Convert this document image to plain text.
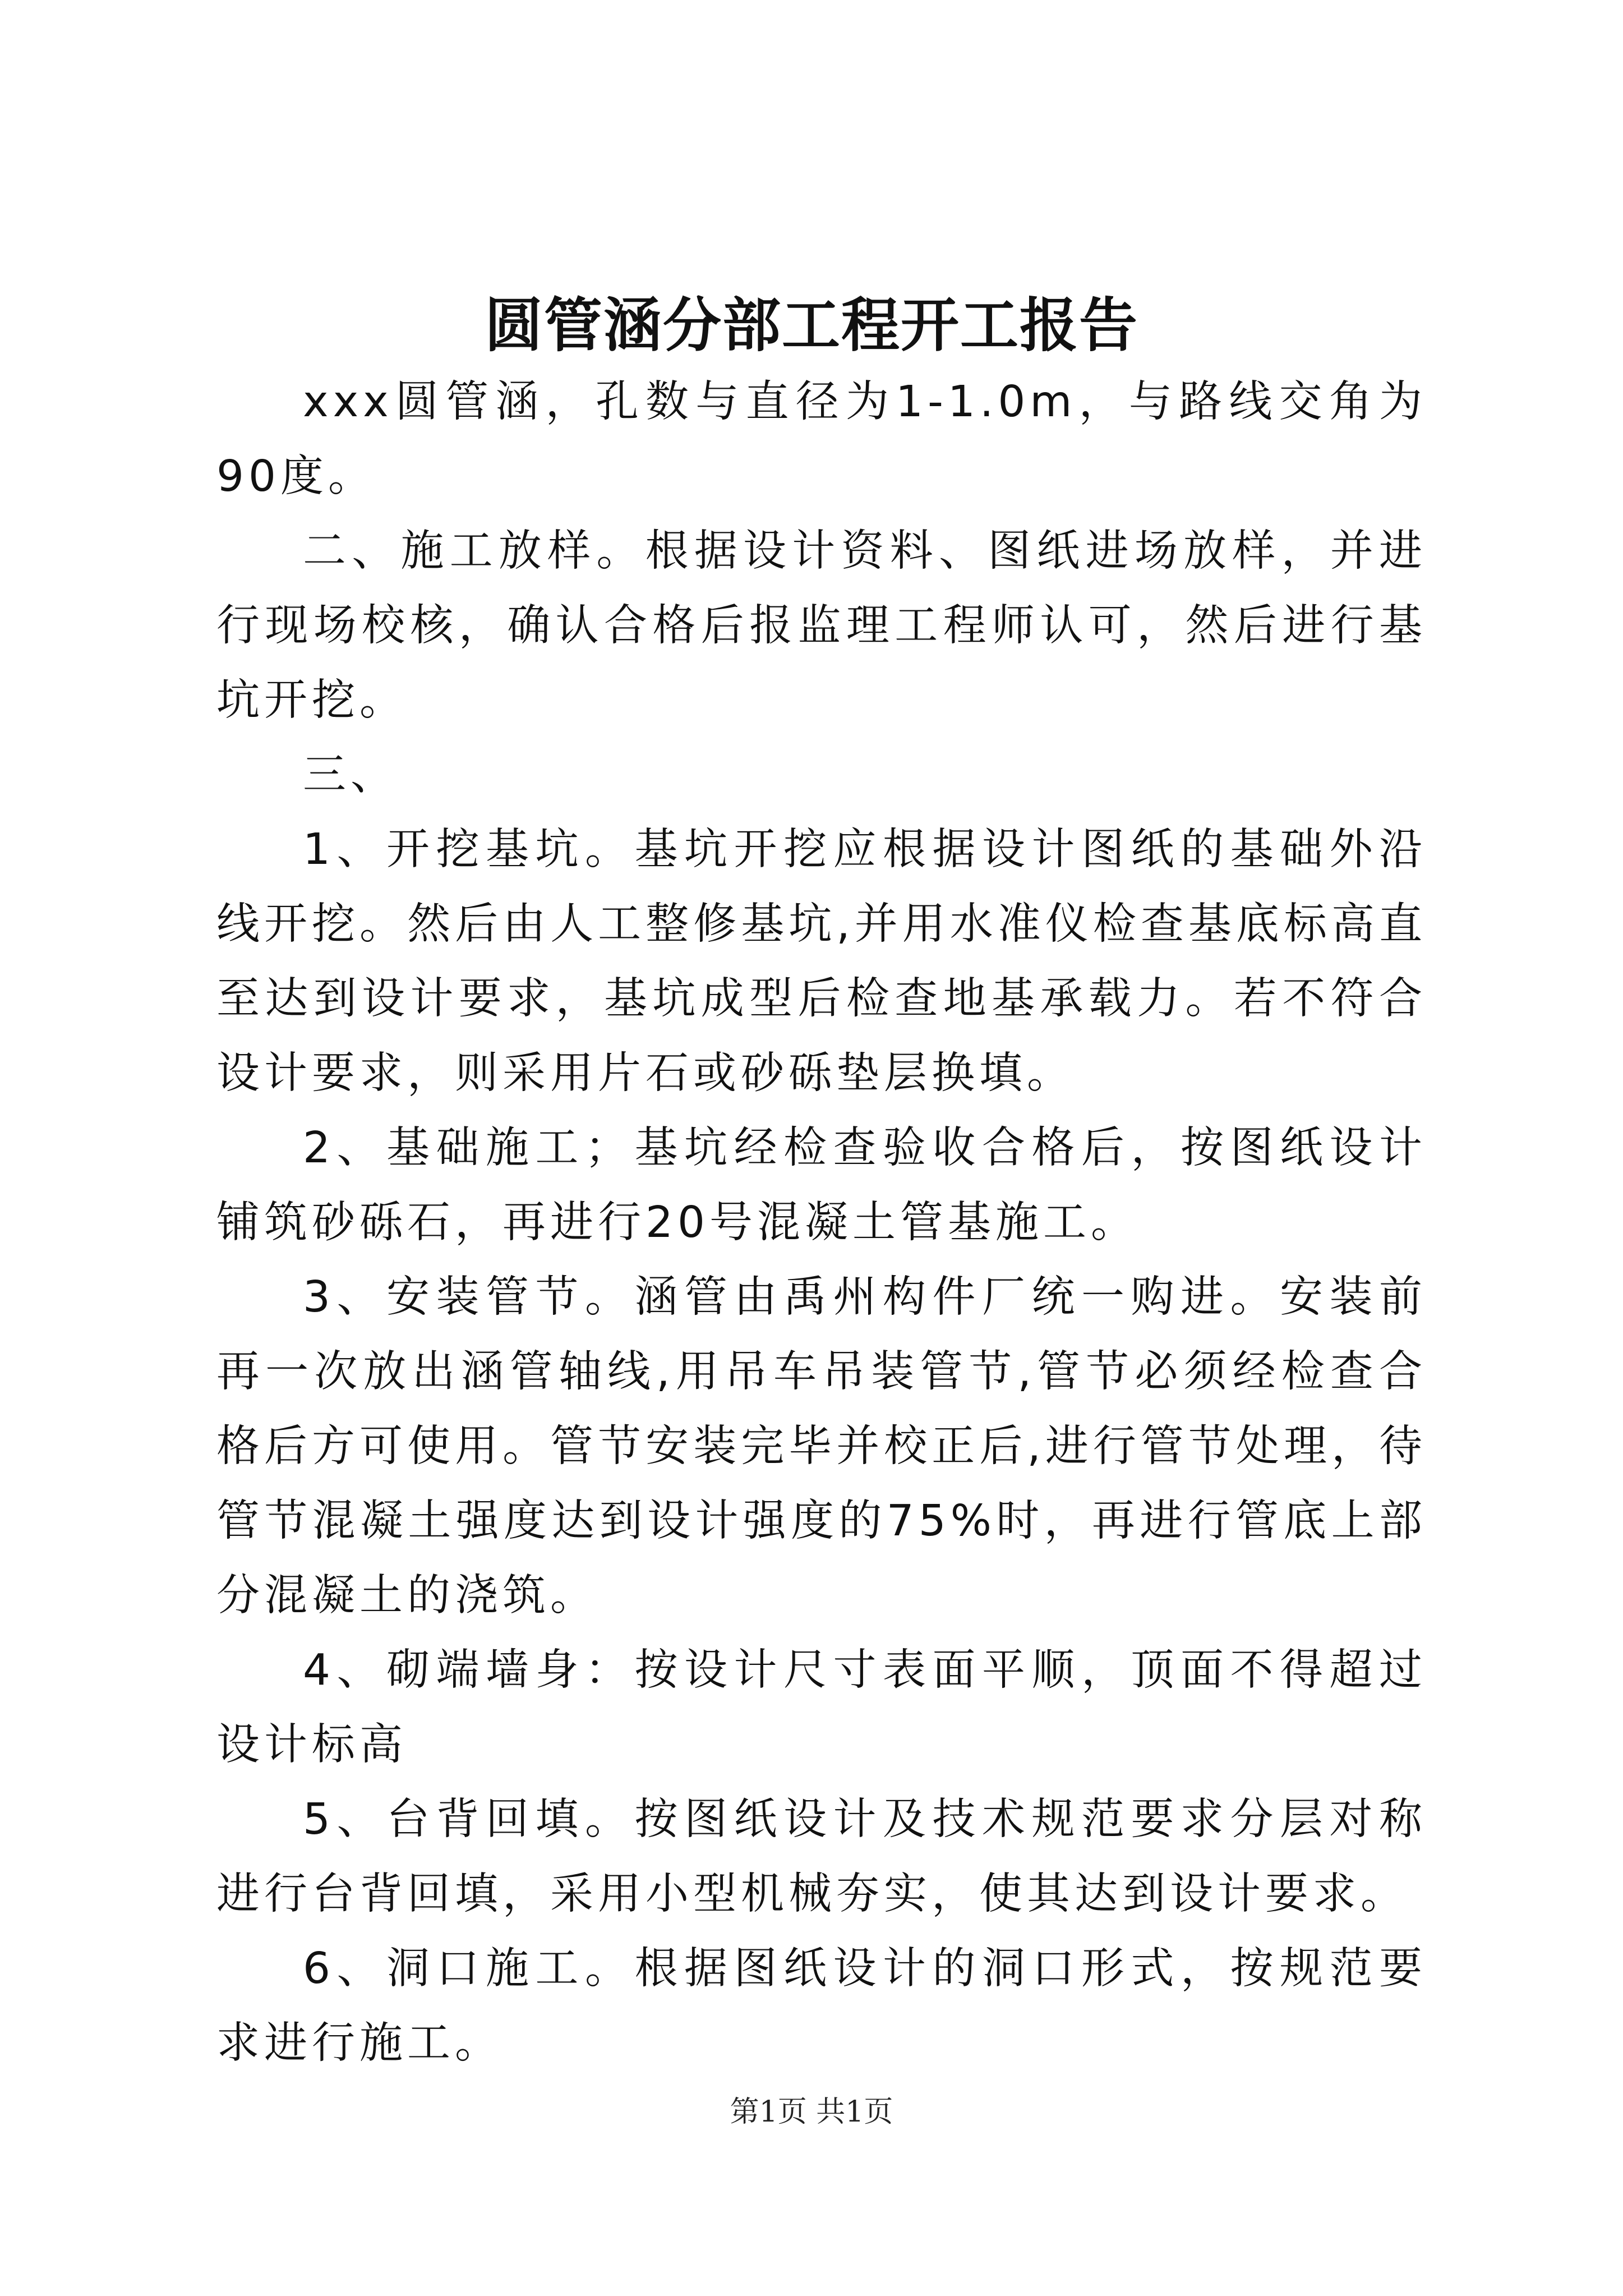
圆管涵分部工程开工报告

xxx圆管涵，孔数与直径为1-1.0m，与路线交角为90度。

二、施工放样。根据设计资料、图纸进场放样，并进行现场校核，确认合格后报监理工程师认可，然后进行基坑开挖。

三、

1、开挖基坑。基坑开挖应根据设计图纸的基础外沿线开挖。然后由人工整修基坑,并用水准仪检查基底标高直至达到设计要求，基坑成型后检查地基承载力。若不符合设计要求，则采用片石或砂砾垫层换填。

2、基础施工；基坑经检查验收合格后，按图纸设计铺筑砂砾石，再进行20号混凝土管基施工。

3、安装管节。涵管由禹州构件厂统一购进。安装前再一次放出涵管轴线,用吊车吊装管节,管节必须经检查合格后方可使用。管节安装完毕并校正后,进行管节处理，待管节混凝土强度达到设计强度的75%时，再进行管底上部分混凝土的浇筑。

4、砌端墙身：按设计尺寸表面平顺，顶面不得超过设计标高

5、台背回填。按图纸设计及技术规范要求分层对称进行台背回填，采用小型机械夯实，使其达到设计要求。

6、洞口施工。根据图纸设计的洞口形式，按规范要求进行施工。

第1页 共1页
